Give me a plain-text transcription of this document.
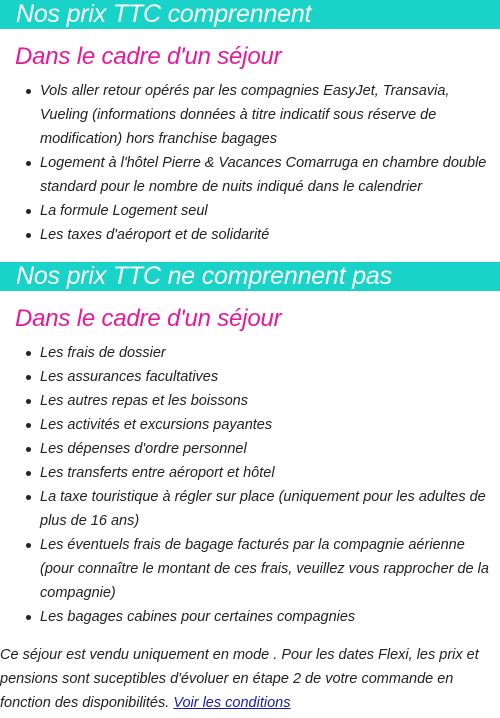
Nos prix TTC comprennent
Dans le cadre d'un séjour
Vols aller retour opérés par les compagnies EasyJet, Transavia, Vueling (informations données à titre indicatif sous réserve de modification) hors franchise bagages
Logement à l'hôtel Pierre & Vacances Comarruga en chambre double standard pour le nombre de nuits indiqué dans le calendrier
La formule Logement seul
Les taxes d'aéroport et de solidarité
Nos prix TTC ne comprennent pas
Dans le cadre d'un séjour
Les frais de dossier
Les assurances facultatives
Les autres repas et les boissons
Les activités et excursions payantes
Les dépenses d'ordre personnel
Les transferts entre aéroport et hôtel
La taxe touristique à régler sur place (uniquement pour les adultes de plus de 16 ans)
Les éventuels frais de bagage facturés par la compagnie aérienne (pour connaître le montant de ces frais, veuillez vous rapprocher de la compagnie)
Les bagages cabines pour certaines compagnies

Ce séjour est vendu uniquement en mode . Pour les dates Flexi, les prix et pensions sont suceptibles d'évoluer en étape 2 de votre commande en fonction des disponibilités. Voir les conditions
